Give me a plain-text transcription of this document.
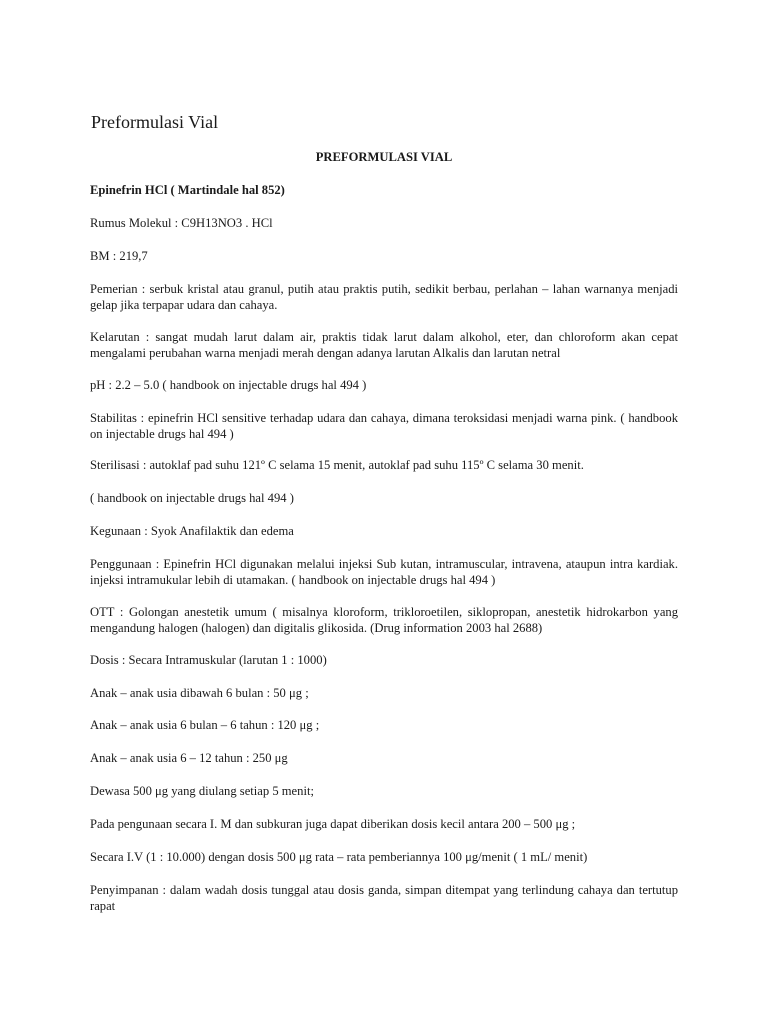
Preformulasi Vial
PREFORMULASI VIAL
Epinefrin HCl ( Martindale hal 852)
Rumus Molekul : C9H13NO3 . HCl
BM : 219,7
Pemerian : serbuk kristal atau granul, putih atau praktis putih, sedikit berbau, perlahan – lahan warnanya menjadi gelap jika terpapar udara dan cahaya.
Kelarutan : sangat mudah larut dalam air, praktis tidak larut dalam alkohol, eter, dan chloroform akan cepat mengalami perubahan warna menjadi merah dengan adanya larutan Alkalis dan larutan netral
pH : 2.2 – 5.0 ( handbook on injectable drugs hal 494 )
Stabilitas : epinefrin HCl sensitive terhadap udara dan cahaya, dimana teroksidasi menjadi warna pink. ( handbook on injectable drugs hal 494 )
Sterilisasi : autoklaf pad suhu 121º C selama 15 menit, autoklaf pad suhu 115º C selama 30 menit.
( handbook on injectable drugs hal 494 )
Kegunaan : Syok Anafilaktik dan edema
Penggunaan : Epinefrin HCl digunakan melalui injeksi Sub kutan, intramuscular, intravena, ataupun intra kardiak. injeksi intramukular lebih di utamakan. ( handbook on injectable drugs hal 494 )
OTT : Golongan anestetik umum ( misalnya kloroform, trikloroetilen, siklopropan, anestetik hidrokarbon yang mengandung halogen (halogen) dan digitalis glikosida. (Drug information 2003 hal 2688)
Dosis : Secara Intramuskular (larutan 1 : 1000)
Anak – anak usia dibawah 6 bulan : 50 μg ;
Anak – anak usia 6 bulan – 6 tahun : 120 μg ;
Anak – anak usia 6 – 12 tahun : 250 μg
Dewasa 500 μg yang diulang setiap 5 menit;
Pada pengunaan secara I. M dan subkuran juga dapat diberikan dosis kecil antara 200 – 500 μg ;
Secara I.V (1 : 10.000) dengan dosis 500 μg rata – rata pemberiannya 100 μg/menit ( 1 mL/ menit)
Penyimpanan : dalam wadah dosis tunggal atau dosis ganda, simpan ditempat yang terlindung cahaya dan tertutup rapat
